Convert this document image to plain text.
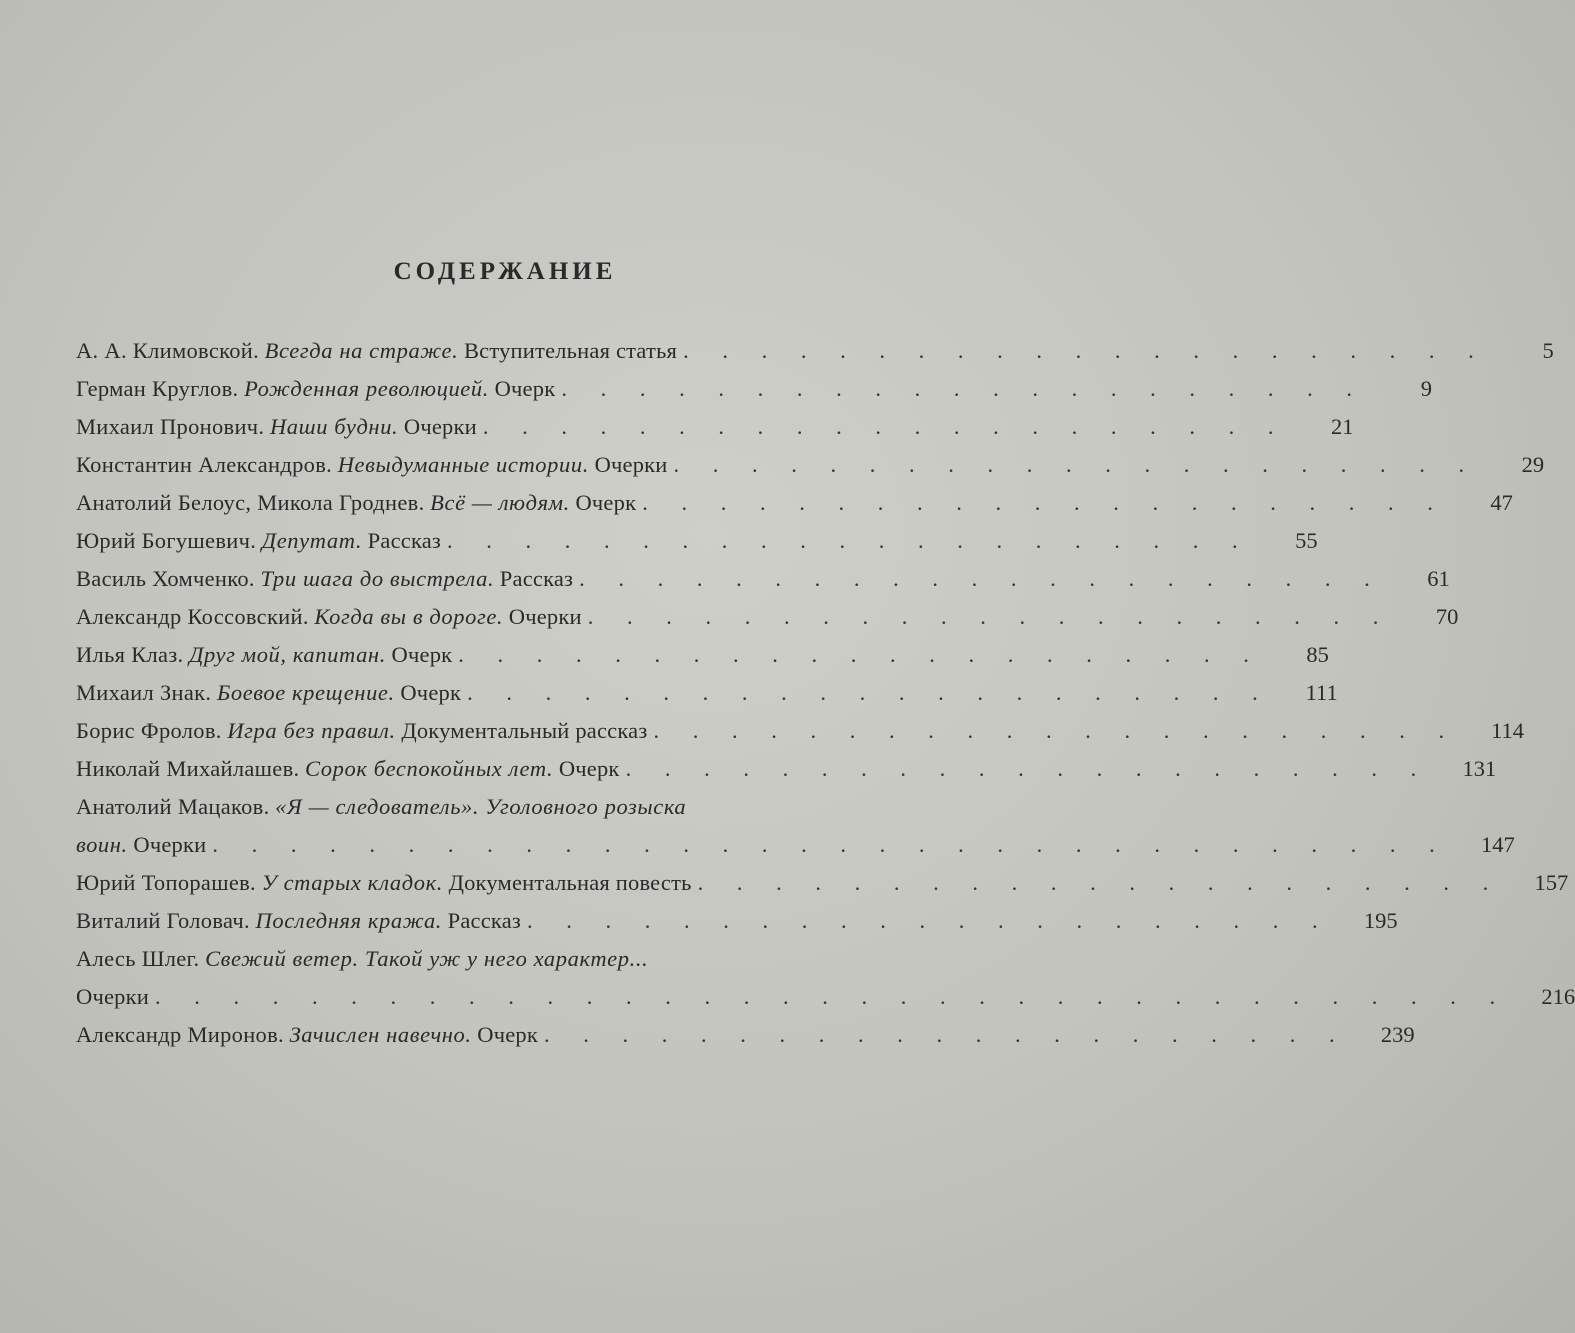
СОДЕРЖАНИЕ
А. А. Климовской. Всегда на страже. Вступительная статья . . . . . . . . . . . . . . . . . . . . .	5
Герман Круглов. Рожденная революцией. Очерк . . . . . . . . . . . . . . . . . . . . .	9
Михаил Пронович. Наши будни. Очерки . . . . . . . . . . . . . . . . . . . . .	21
Константин Александров. Невыдуманные истории. Очерки . . . . . . . . . . . . . . . . . . . . .	29
Анатолий Белоус, Микола Гроднев. Всё — людям. Очерк . . . . . . . . . . . . . . . . . . . . .	47
Юрий Богушевич. Депутат. Рассказ . . . . . . . . . . . . . . . . . . . . .	55
Василь Хомченко. Три шага до выстрела. Рассказ . . . . . . . . . . . . . . . . . . . . .	61
Александр Коссовский. Когда вы в дороге. Очерки . . . . . . . . . . . . . . . . . . . . .	70
Илья Клаз. Друг мой, капитан. Очерк . . . . . . . . . . . . . . . . . . . . .	85
Михаил Знак. Боевое крещение. Очерк . . . . . . . . . . . . . . . . . . . . .	111
Борис Фролов. Игра без правил. Документальный рассказ . . . . . . . . . . . . . . . . . . . . .	114
Николай Михайлашев. Сорок беспокойных лет. Очерк . . . . . . . . . . . . . . . . . . . . .	131
Анатолий Мацаков. «Я — следователь». Уголовного розыска
воин. Очерки . . . . . . . . . . . . . . . . . . . . . . . . . . . . . . . .	147
Юрий Топорашев. У старых кладок. Документальная повесть . . . . . . . . . . . . . . . . . . . . .	157
Виталий Головач. Последняя кража. Рассказ . . . . . . . . . . . . . . . . . . . . .	195
Алесь Шлег. Свежий ветер. Такой уж у него характер...
Очерки . . . . . . . . . . . . . . . . . . . . . . . . . . . . . . . . . . .	216
Александр Миронов. Зачислен навечно. Очерк . . . . . . . . . . . . . . . . . . . . .	239
